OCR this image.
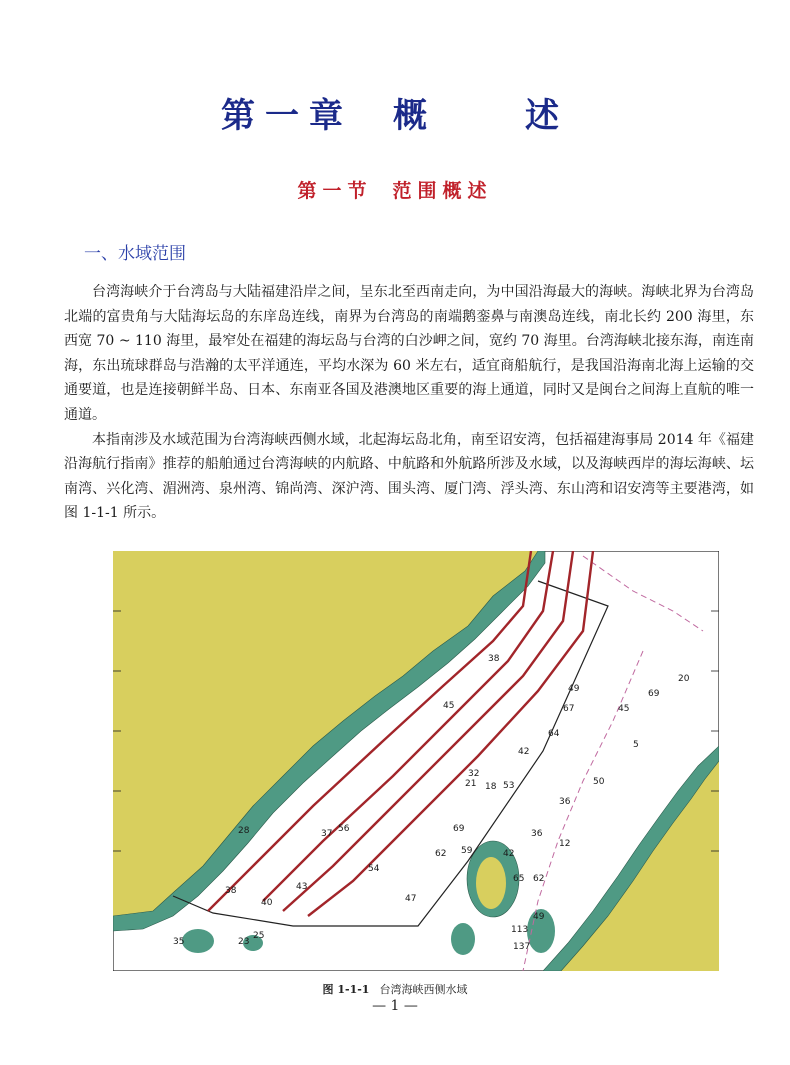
第一章 概　　述
第一节 范围概述
一、水域范围

台湾海峡介于台湾岛与大陆福建沿岸之间，呈东北至西南走向，为中国沿海最大的海峡。海峡北界为台湾岛北端的富贵角与大陆海坛岛的东庠岛连线，南界为台湾岛的南端鹅銮鼻与南澳岛连线，南北长约 200 海里，东西宽 70 ~ 110 海里，最窄处在福建的海坛岛与台湾的白沙岬之间，宽约 70 海里。台湾海峡北接东海，南连南海，东出琉球群岛与浩瀚的太平洋通连，平均水深为 60 米左右，适宜商船航行，是我国沿海南北海上运输的交通要道，也是连接朝鲜半岛、日本、东南亚各国及港澳地区重要的海上通道，同时又是闽台之间海上直航的唯一通道。

本指南涉及水域范围为台湾海峡西侧水域，北起海坛岛北角，南至诏安湾，包括福建海事局 2014 年《福建沿海航行指南》推荐的船舶通过台湾海峡的内航路、中航路和外航路所涉及水域，以及海峡西岸的海坛海峡、坛南湾、兴化湾、湄洲湾、泉州湾、锦尚湾、深沪湾、围头湾、厦门湾、浮头湾、东山湾和诏安湾等主要港湾，如图 1-1-1 所示。

38
49	69
20
45	67
64
42
45
5
32
21 18 53	50
36
69
62 59	42
36
12
56
54
47
43
40
38
28
25
23
35
113
137
49
62
65
37
图 1-1-1 台湾海峡西侧水域
— 1 —
